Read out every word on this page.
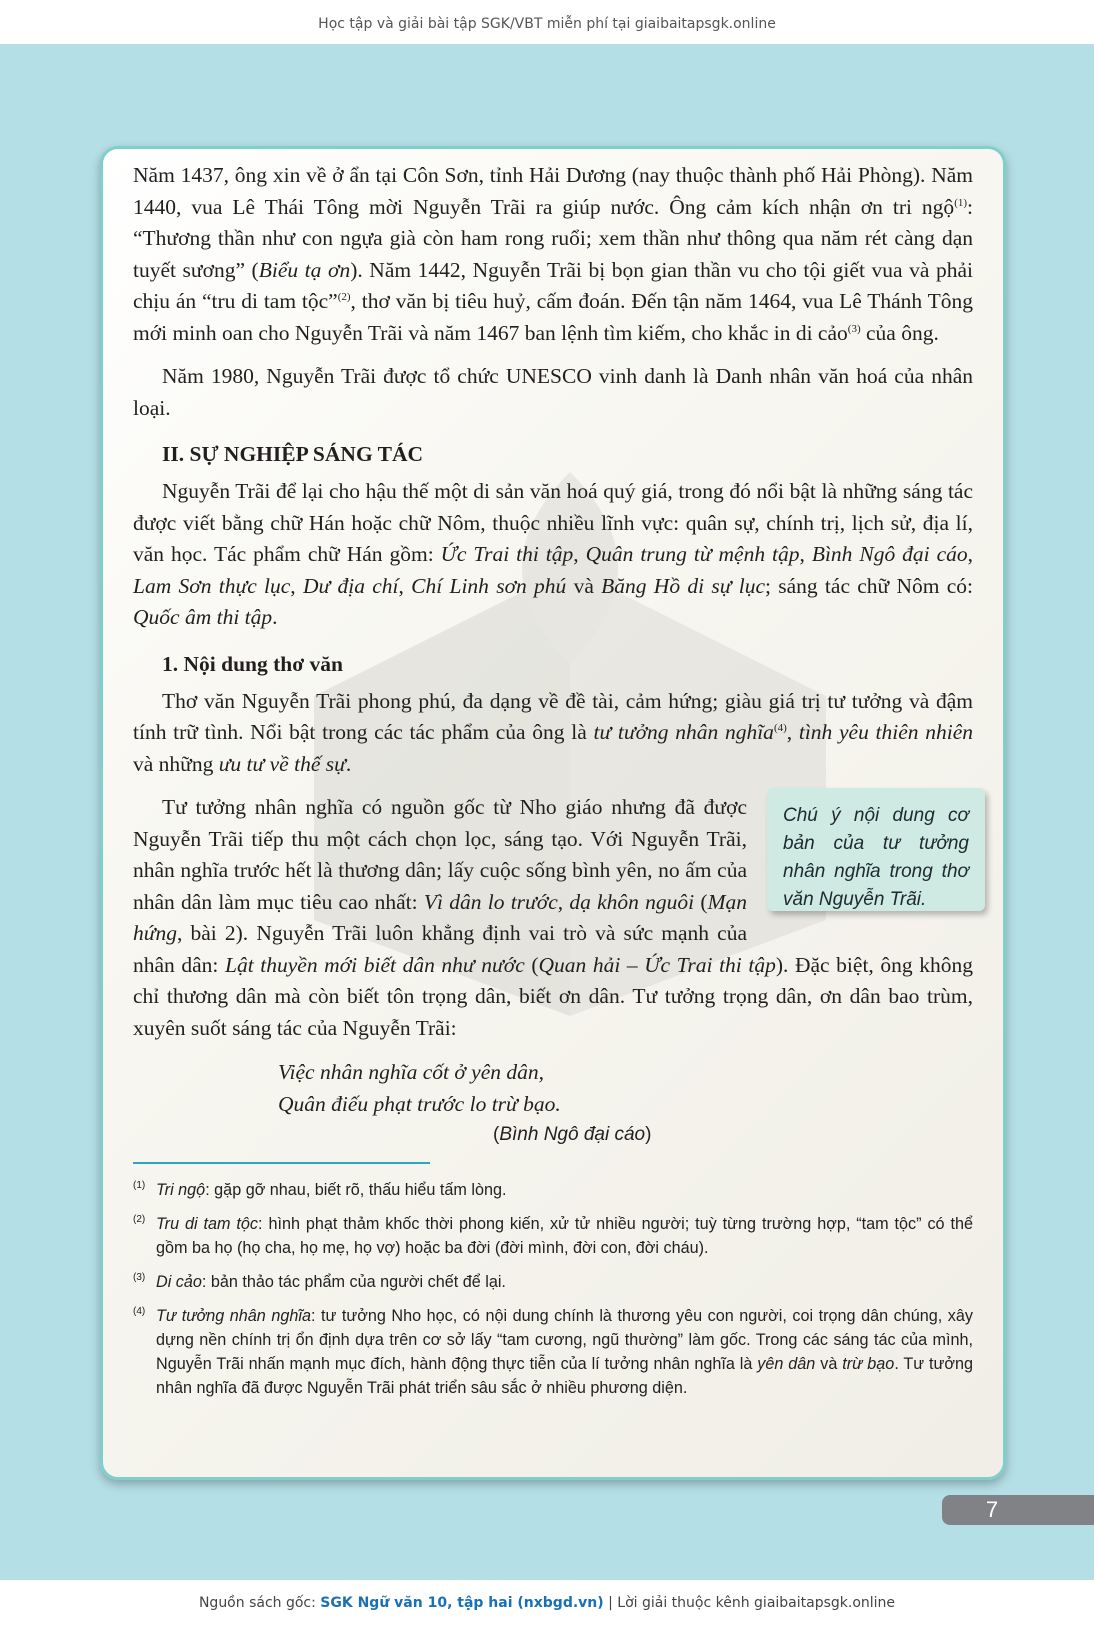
Học tập và giải bài tập SGK/VBT miễn phí tại giaibaitapsgk.online

Năm 1437, ông xin về ở ẩn tại Côn Sơn, tỉnh Hải Dương (nay thuộc thành phố Hải Phòng). Năm 1440, vua Lê Thái Tông mời Nguyễn Trãi ra giúp nước. Ông cảm kích nhận ơn tri ngộ$^{(1)}$: “Thương thần như con ngựa già còn ham rong ruổi; xem thần như thông qua năm rét càng dạn tuyết sương” (Biểu tạ ơn). Năm 1442, Nguyễn Trãi bị bọn gian thần vu cho tội giết vua và phải chịu án “tru di tam tộc”$^{(2)}$, thơ văn bị tiêu huỷ, cấm đoán. Đến tận năm 1464, vua Lê Thánh Tông mới minh oan cho Nguyễn Trãi và năm 1467 ban lệnh tìm kiếm, cho khắc in di cảo$^{(3)}$ của ông.

Năm 1980, Nguyễn Trãi được tổ chức UNESCO vinh danh là Danh nhân văn hoá của nhân loại.

II. SỰ NGHIỆP SÁNG TÁC

Nguyễn Trãi để lại cho hậu thế một di sản văn hoá quý giá, trong đó nổi bật là những sáng tác được viết bằng chữ Hán hoặc chữ Nôm, thuộc nhiều lĩnh vực: quân sự, chính trị, lịch sử, địa lí, văn học. Tác phẩm chữ Hán gồm: Ức Trai thi tập, Quân trung từ mệnh tập, Bình Ngô đại cáo, Lam Sơn thực lục, Dư địa chí, Chí Linh sơn phú và Băng Hồ di sự lục; sáng tác chữ Nôm có: Quốc âm thi tập.

1. Nội dung thơ văn

Thơ văn Nguyễn Trãi phong phú, đa dạng về đề tài, cảm hứng; giàu giá trị tư tưởng và đậm tính trữ tình. Nổi bật trong các tác phẩm của ông là tư tưởng nhân nghĩa$^{(4)}$, tình yêu thiên nhiên và những ưu tư về thế sự.

Chú ý nội dung cơ bản của tư tưởng nhân nghĩa trong thơ văn Nguyễn Trãi.

Tư tưởng nhân nghĩa có nguồn gốc từ Nho giáo nhưng đã được Nguyễn Trãi tiếp thu một cách chọn lọc, sáng tạo. Với Nguyễn Trãi, nhân nghĩa trước hết là thương dân; lấy cuộc sống bình yên, no ấm của nhân dân làm mục tiêu cao nhất: Vì dân lo trước, dạ khôn nguôi (Mạn hứng, bài 2). Nguyễn Trãi luôn khẳng định vai trò và sức mạnh của nhân dân: Lật thuyền mới biết dân như nước (Quan hải – Ức Trai thi tập). Đặc biệt, ông không chỉ thương dân mà còn biết tôn trọng dân, biết ơn dân. Tư tưởng trọng dân, ơn dân bao trùm, xuyên suốt sáng tác của Nguyễn Trãi:

Việc nhân nghĩa cốt ở yên dân,
Quân điếu phạt trước lo trừ bạo.
(Bình Ngô đại cáo)
(1) Tri ngộ: gặp gỡ nhau, biết rõ, thấu hiểu tấm lòng.
(2) Tru di tam tộc: hình phạt thảm khốc thời phong kiến, xử tử nhiều người; tuỳ từng trường hợp, “tam tộc” có thể gồm ba họ (họ cha, họ mẹ, họ vợ) hoặc ba đời (đời mình, đời con, đời cháu).
(3) Di cảo: bản thảo tác phẩm của người chết để lại.
(4) Tư tưởng nhân nghĩa: tư tưởng Nho học, có nội dung chính là thương yêu con người, coi trọng dân chúng, xây dựng nền chính trị ổn định dựa trên cơ sở lấy “tam cương, ngũ thường” làm gốc. Trong các sáng tác của mình, Nguyễn Trãi nhấn mạnh mục đích, hành động thực tiễn của lí tưởng nhân nghĩa là yên dân và trừ bạo. Tư tưởng nhân nghĩa đã được Nguyễn Trãi phát triển sâu sắc ở nhiều phương diện.
7
Nguồn sách gốc: SGK Ngữ văn 10, tập hai (nxbgd.vn) | Lời giải thuộc kênh giaibaitapsgk.online
